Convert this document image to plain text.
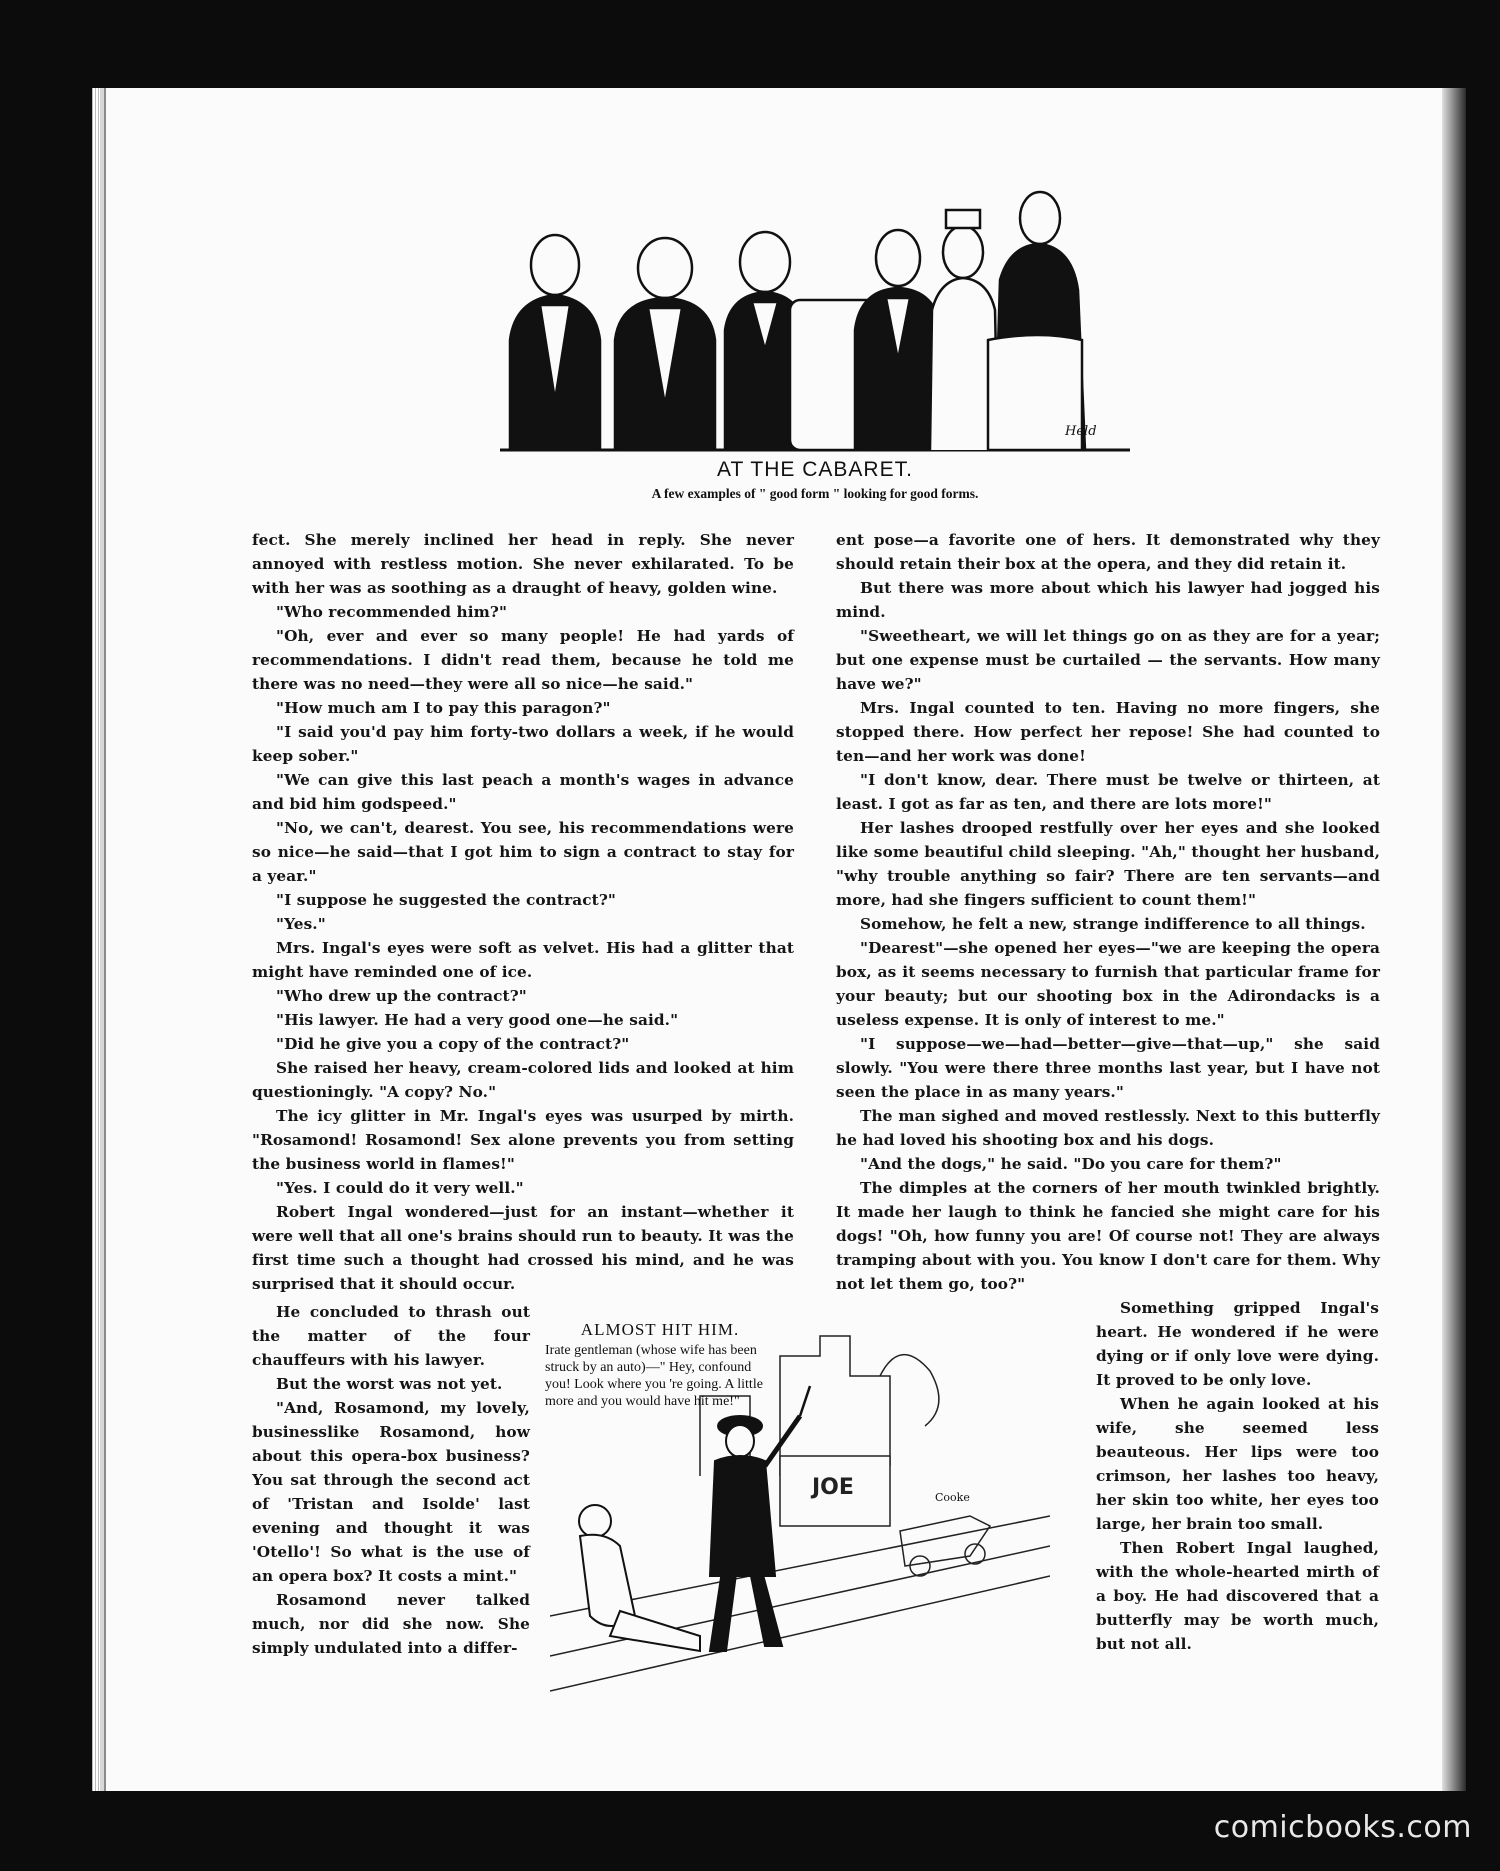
Held
AT THE CABARET.
A few examples of " good form " looking for good forms.

fect. She merely inclined her head in reply. She never annoyed with restless motion. She never exhilarated. To be with her was as soothing as a draught of heavy, golden wine.

"Who recommended him?"

"Oh, ever and ever so many people! He had yards of recommendations. I didn't read them, because he told me there was no need—they were all so nice—he said."

"How much am I to pay this paragon?"

"I said you'd pay him forty-two dollars a week, if he would keep sober."

"We can give this last peach a month's wages in advance and bid him godspeed."

"No, we can't, dearest. You see, his recommendations were so nice—he said—that I got him to sign a contract to stay for a year."

"I suppose he suggested the contract?"

"Yes."

Mrs. Ingal's eyes were soft as velvet. His had a glitter that might have reminded one of ice.

"Who drew up the contract?"

"His lawyer. He had a very good one—he said."

"Did he give you a copy of the contract?"

She raised her heavy, cream-colored lids and looked at him questioningly. "A copy? No."

The icy glitter in Mr. Ingal's eyes was usurped by mirth. "Rosamond! Rosamond! Sex alone prevents you from setting the business world in flames!"

"Yes. I could do it very well."

Robert Ingal wondered—just for an instant—whether it were well that all one's brains should run to beauty. It was the first time such a thought had crossed his mind, and he was surprised that it should occur.

ent pose—a favorite one of hers. It demonstrated why they should retain their box at the opera, and they did retain it.

But there was more about which his lawyer had jogged his mind.

"Sweetheart, we will let things go on as they are for a year; but one expense must be curtailed — the servants. How many have we?"

Mrs. Ingal counted to ten. Having no more fingers, she stopped there. How perfect her repose! She had counted to ten—and her work was done!

"I don't know, dear. There must be twelve or thirteen, at least. I got as far as ten, and there are lots more!"

Her lashes drooped restfully over her eyes and she looked like some beautiful child sleeping. "Ah," thought her husband, "why trouble anything so fair? There are ten servants—and more, had she fingers sufficient to count them!"

Somehow, he felt a new, strange indifference to all things.

"Dearest"—she opened her eyes—"we are keeping the opera box, as it seems necessary to furnish that particular frame for your beauty; but our shooting box in the Adirondacks is a useless expense. It is only of interest to me."

"I suppose—we—had—better—give—that—up," she said slowly. "You were there three months last year, but I have not seen the place in as many years."

The man sighed and moved restlessly. Next to this butterfly he had loved his shooting box and his dogs.

"And the dogs," he said. "Do you care for them?"

The dimples at the corners of her mouth twinkled brightly. It made her laugh to think he fancied she might care for his dogs! "Oh, how funny you are! Of course not! They are always tramping about with you. You know I don't care for them. Why not let them go, too?"

He concluded to thrash out the matter of the four chauffeurs with his lawyer.

But the worst was not yet.

"And, Rosamond, my lovely, businesslike Rosamond, how about this opera-box business? You sat through the second act of 'Tristan and Isolde' last evening and thought it was 'Otello'! So what is the use of an opera box? It costs a mint."

Rosamond never talked much, nor did she now. She simply undulated into a differ-

Something gripped Ingal's heart. He wondered if he were dying or if only love were dying. It proved to be only love.

When he again looked at his wife, she seemed less beauteous. Her lips were too crimson, her lashes too heavy, her skin too white, her eyes too large, her brain too small.

Then Robert Ingal laughed, with the whole-hearted mirth of a boy. He had discovered that a butterfly may be worth much, but not all.

JOE	Cooke
ALMOST HIT HIM.
Irate gentleman (whose wife has been struck by an auto)—" Hey, confound you! Look where you 're going. A little more and you would have hit me!"
comicbooks.com
